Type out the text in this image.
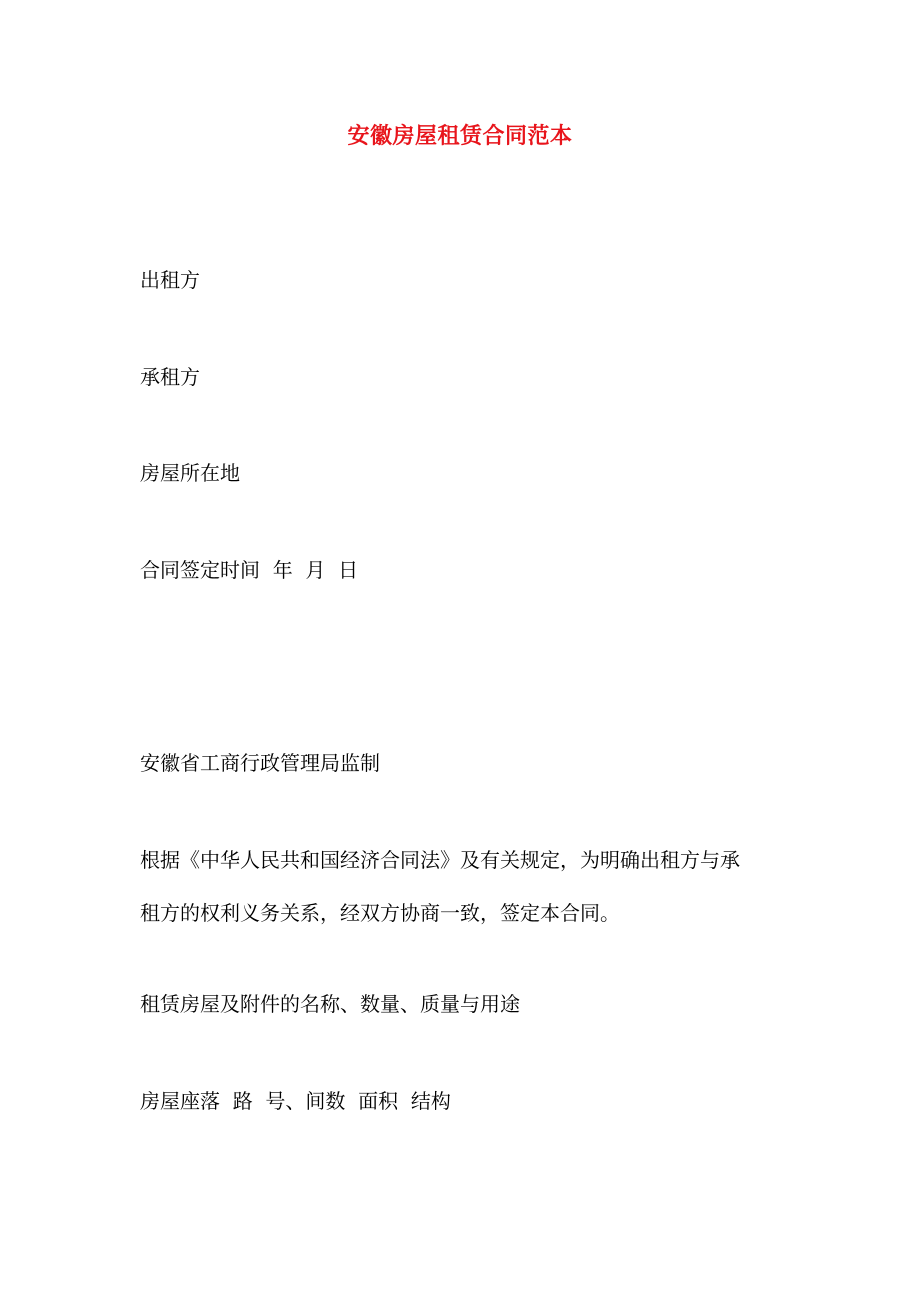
安徽房屋租赁合同范本
出租方
承租方
房屋所在地
合同签定时间  年  月  日
安徽省工商行政管理局监制
根据《中华人民共和国经济合同法》及有关规定，为明确出租方与承
租方的权利义务关系，经双方协商一致，签定本合同。
租赁房屋及附件的名称、数量、质量与用途
房屋座落  路  号、间数  面积  结构
